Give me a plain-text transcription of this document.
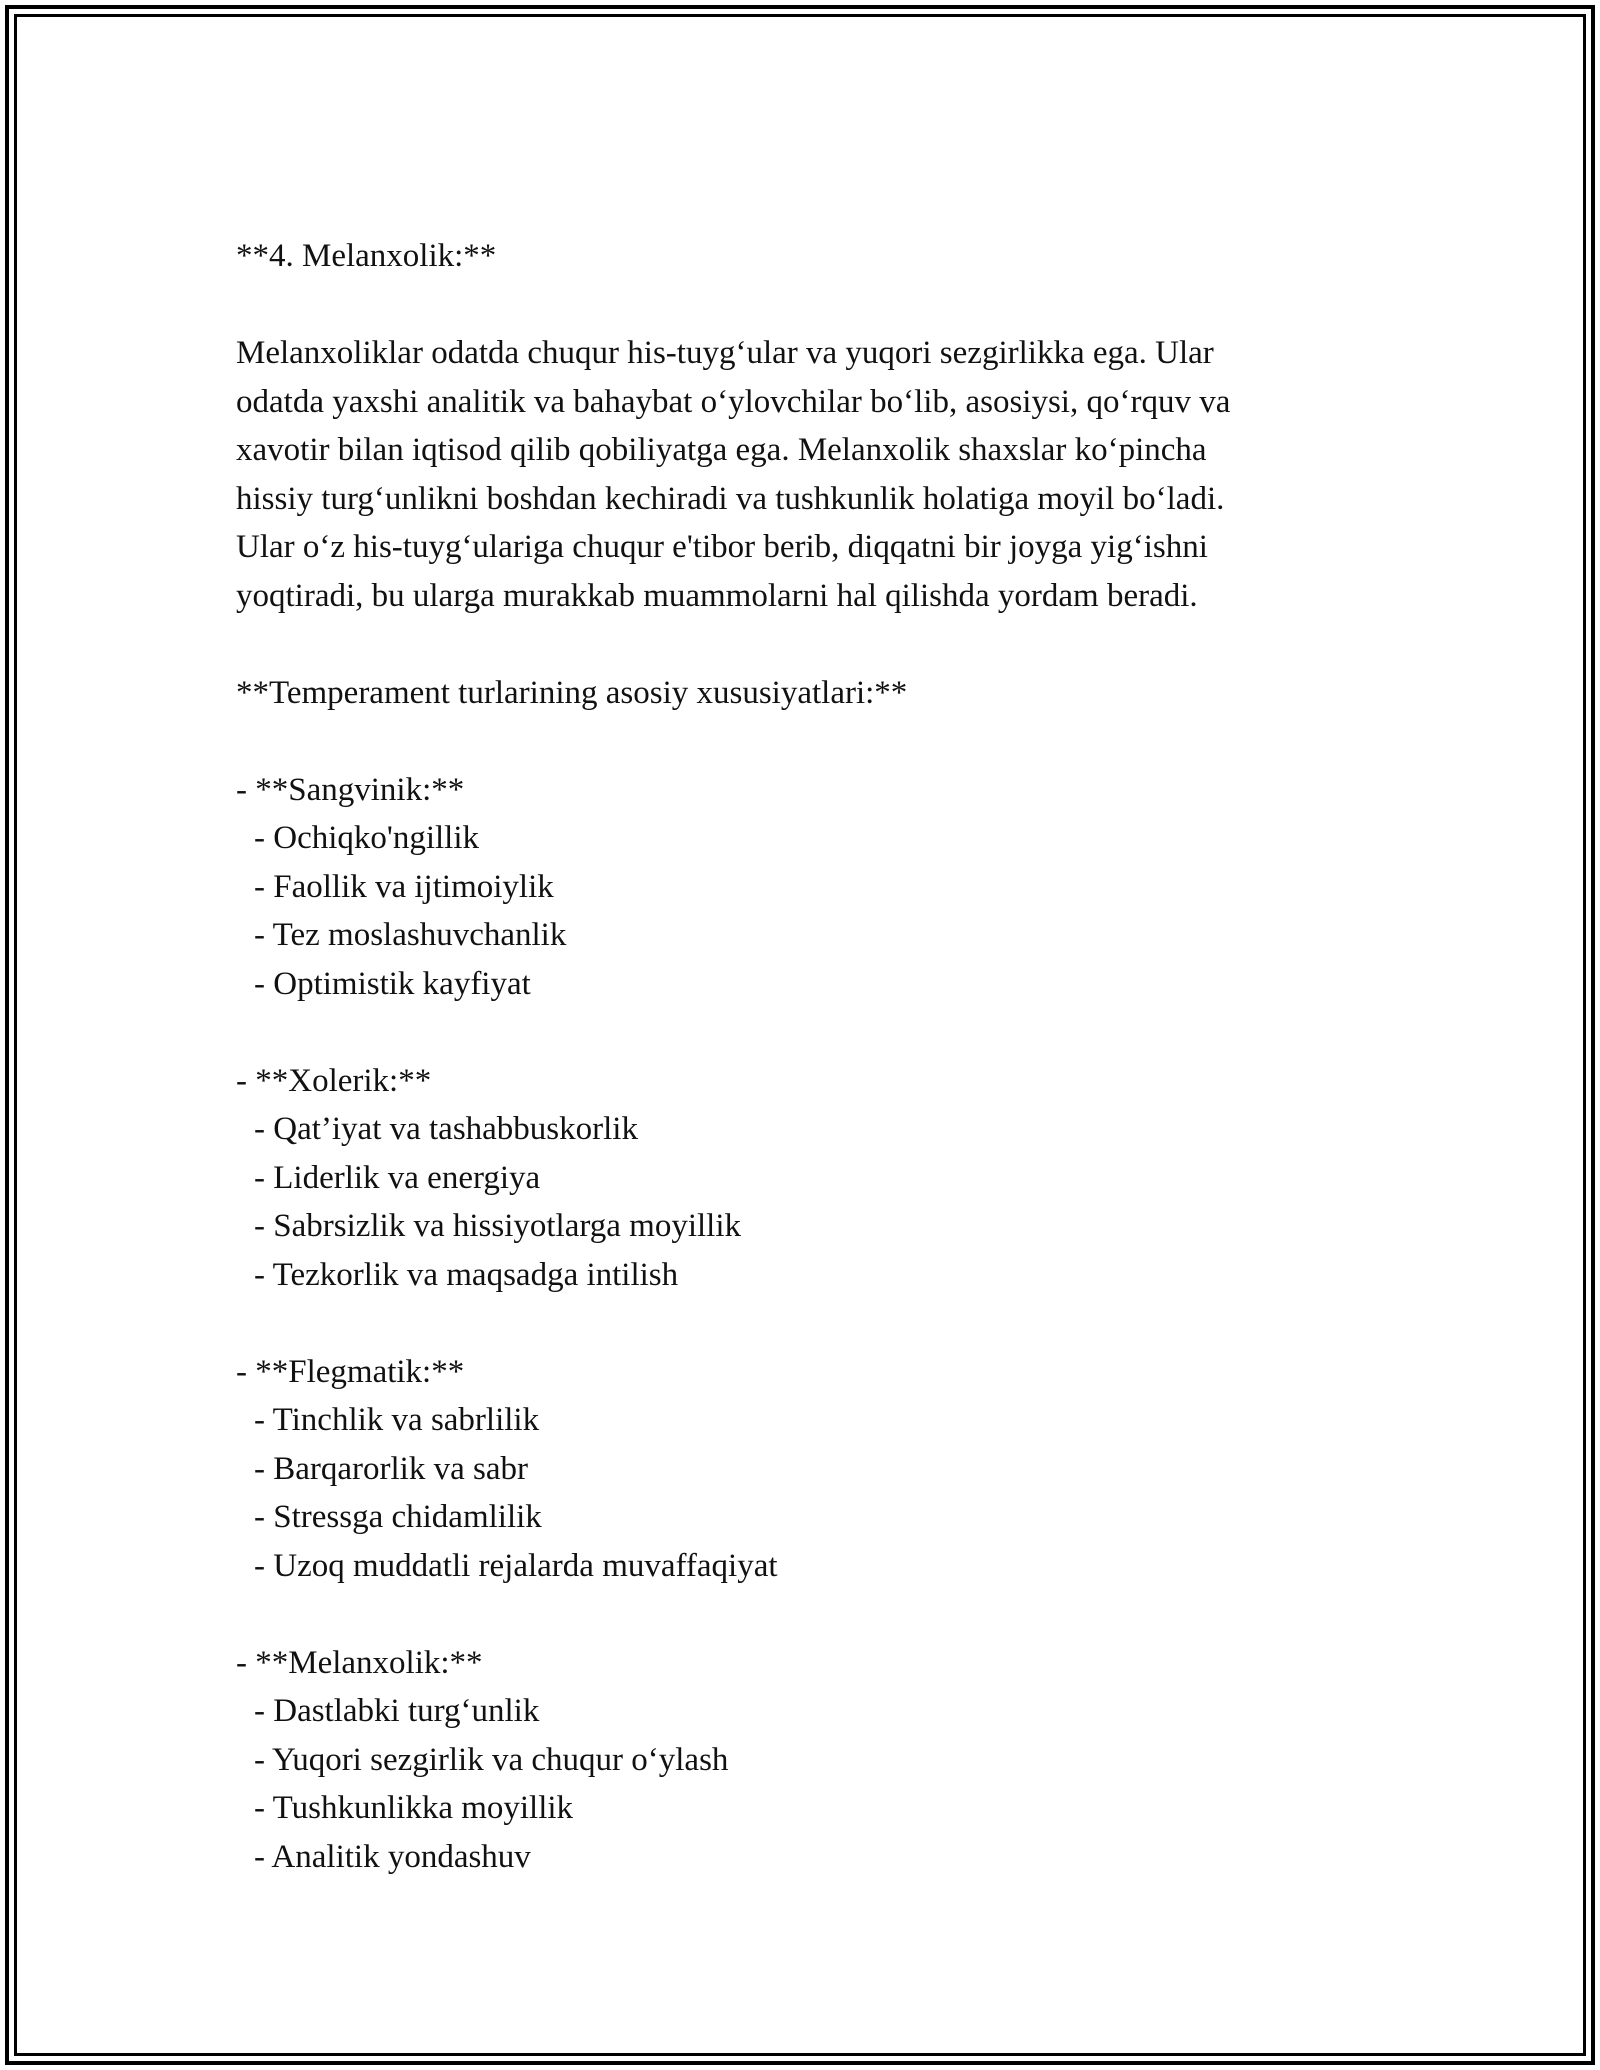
**4. Melanxolik:**

Melanxoliklar odatda chuqur his-tuyg‘ular va yuqori sezgirlikka ega. Ular

odatda yaxshi analitik va bahaybat o‘ylovchilar bo‘lib, asosiysi, qo‘rquv va

xavotir bilan iqtisod qilib qobiliyatga ega. Melanxolik shaxslar ko‘pincha

hissiy turg‘unlikni boshdan kechiradi va tushkunlik holatiga moyil bo‘ladi.

Ular o‘z his-tuyg‘ulariga chuqur e'tibor berib, diqqatni bir joyga yig‘ishni

yoqtiradi, bu ularga murakkab muammolarni hal qilishda yordam beradi.

**Temperament turlarining asosiy xususiyatlari:**

- **Sangvinik:**

- Ochiqko'ngillik

- Faollik va ijtimoiylik

- Tez moslashuvchanlik

- Optimistik kayfiyat

- **Xolerik:**

- Qat’iyat va tashabbuskorlik

- Liderlik va energiya

- Sabrsizlik va hissiyotlarga moyillik

- Tezkorlik va maqsadga intilish

- **Flegmatik:**

- Tinchlik va sabrlilik

- Barqarorlik va sabr

- Stressga chidamlilik

- Uzoq muddatli rejalarda muvaffaqiyat

- **Melanxolik:**

- Dastlabki turg‘unlik

- Yuqori sezgirlik va chuqur o‘ylash

- Tushkunlikka moyillik

- Analitik yondashuv
